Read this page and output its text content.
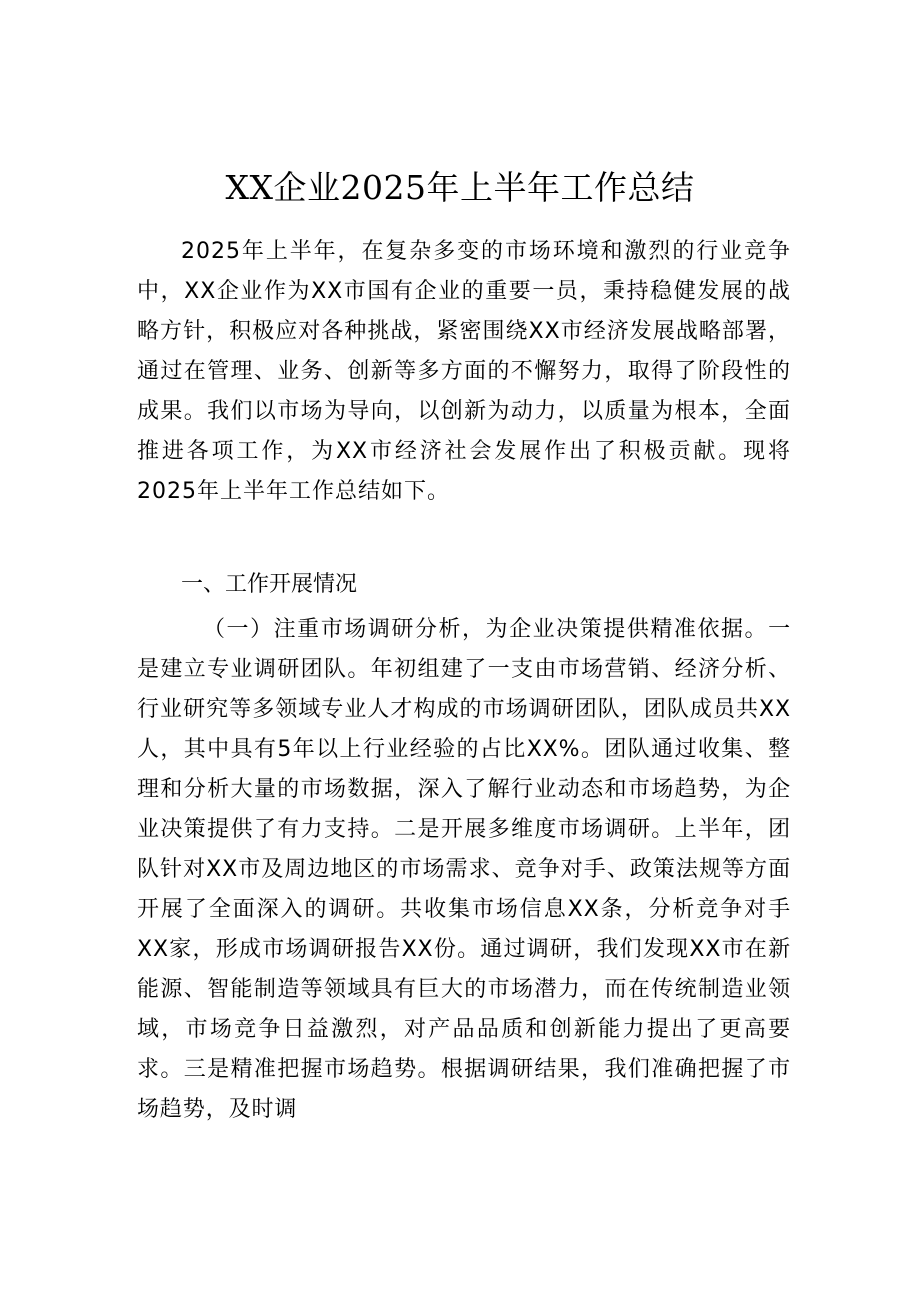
XX企业2025年上半年工作总结

2025年上半年，在复杂多变的市场环境和激烈的行业竞争中，XX企业作为XX市国有企业的重要一员，秉持稳健发展的战略方针，积极应对各种挑战，紧密围绕XX市经济发展战略部署，通过在管理、业务、创新等多方面的不懈努力，取得了阶段性的成果。我们以市场为导向，以创新为动力，以质量为根本，全面推进各项工作，为XX市经济社会发展作出了积极贡献。现将2025年上半年工作总结如下。

一、工作开展情况

（一）注重市场调研分析，为企业决策提供精准依据。一是建立专业调研团队。年初组建了一支由市场营销、经济分析、行业研究等多领域专业人才构成的市场调研团队，团队成员共XX人，其中具有5年以上行业经验的占比XX%。团队通过收集、整理和分析大量的市场数据，深入了解行业动态和市场趋势，为企业决策提供了有力支持。二是开展多维度市场调研。上半年，团队针对XX市及周边地区的市场需求、竞争对手、政策法规等方面开展了全面深入的调研。共收集市场信息XX条，分析竞争对手XX家，形成市场调研报告XX份。通过调研，我们发现XX市在新能源、智能制造等领域具有巨大的市场潜力，而在传统制造业领域，市场竞争日益激烈，对产品品质和创新能力提出了更高要求。三是精准把握市场趋势。根据调研结果，我们准确把握了市场趋势，及时调
